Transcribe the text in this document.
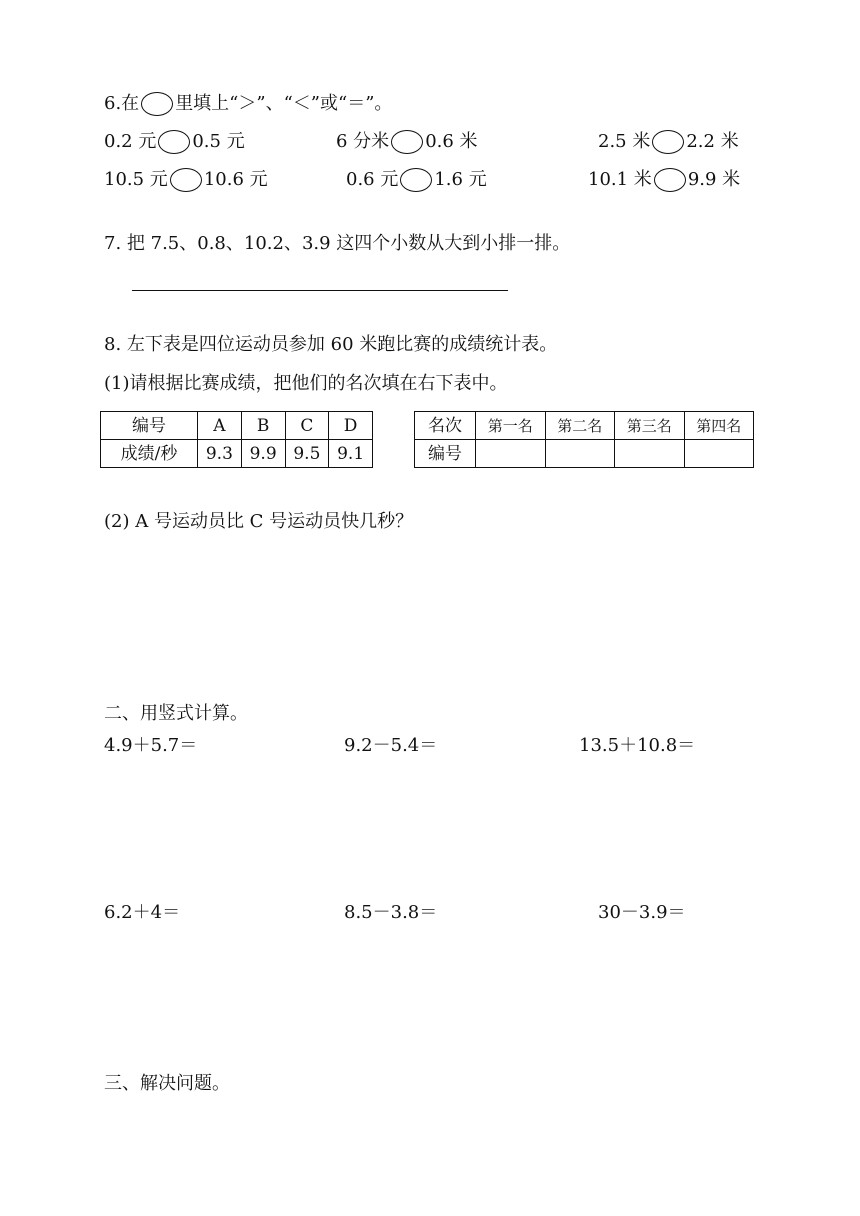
6.在 里填上“＞”、“＜”或“＝”。
0.2 元 0.5 元	6 分米 0.6 米	2.5 米 2.2 米
10.5 元 10.6 元	0.6 元 1.6 元	10.1 米 9.9 米
7. 把 7.5、0.8、10.2、3.9 这四个小数从大到小排一排。
8. 左下表是四位运动员参加 60 米跑比赛的成绩统计表。
(1)请根据比赛成绩，把他们的名次填在右下表中。
编号	A	B	C	D
成绩/秒	9.3	9.9	9.5	9.1
名次	第一名	第二名	第三名	第四名
编号				
(2) A 号运动员比 C 号运动员快几秒？
二、用竖式计算。
4.9＋5.7＝	9.2－5.4＝	13.5＋10.8＝
6.2＋4＝	8.5－3.8＝	30－3.9＝
三、解决问题。
